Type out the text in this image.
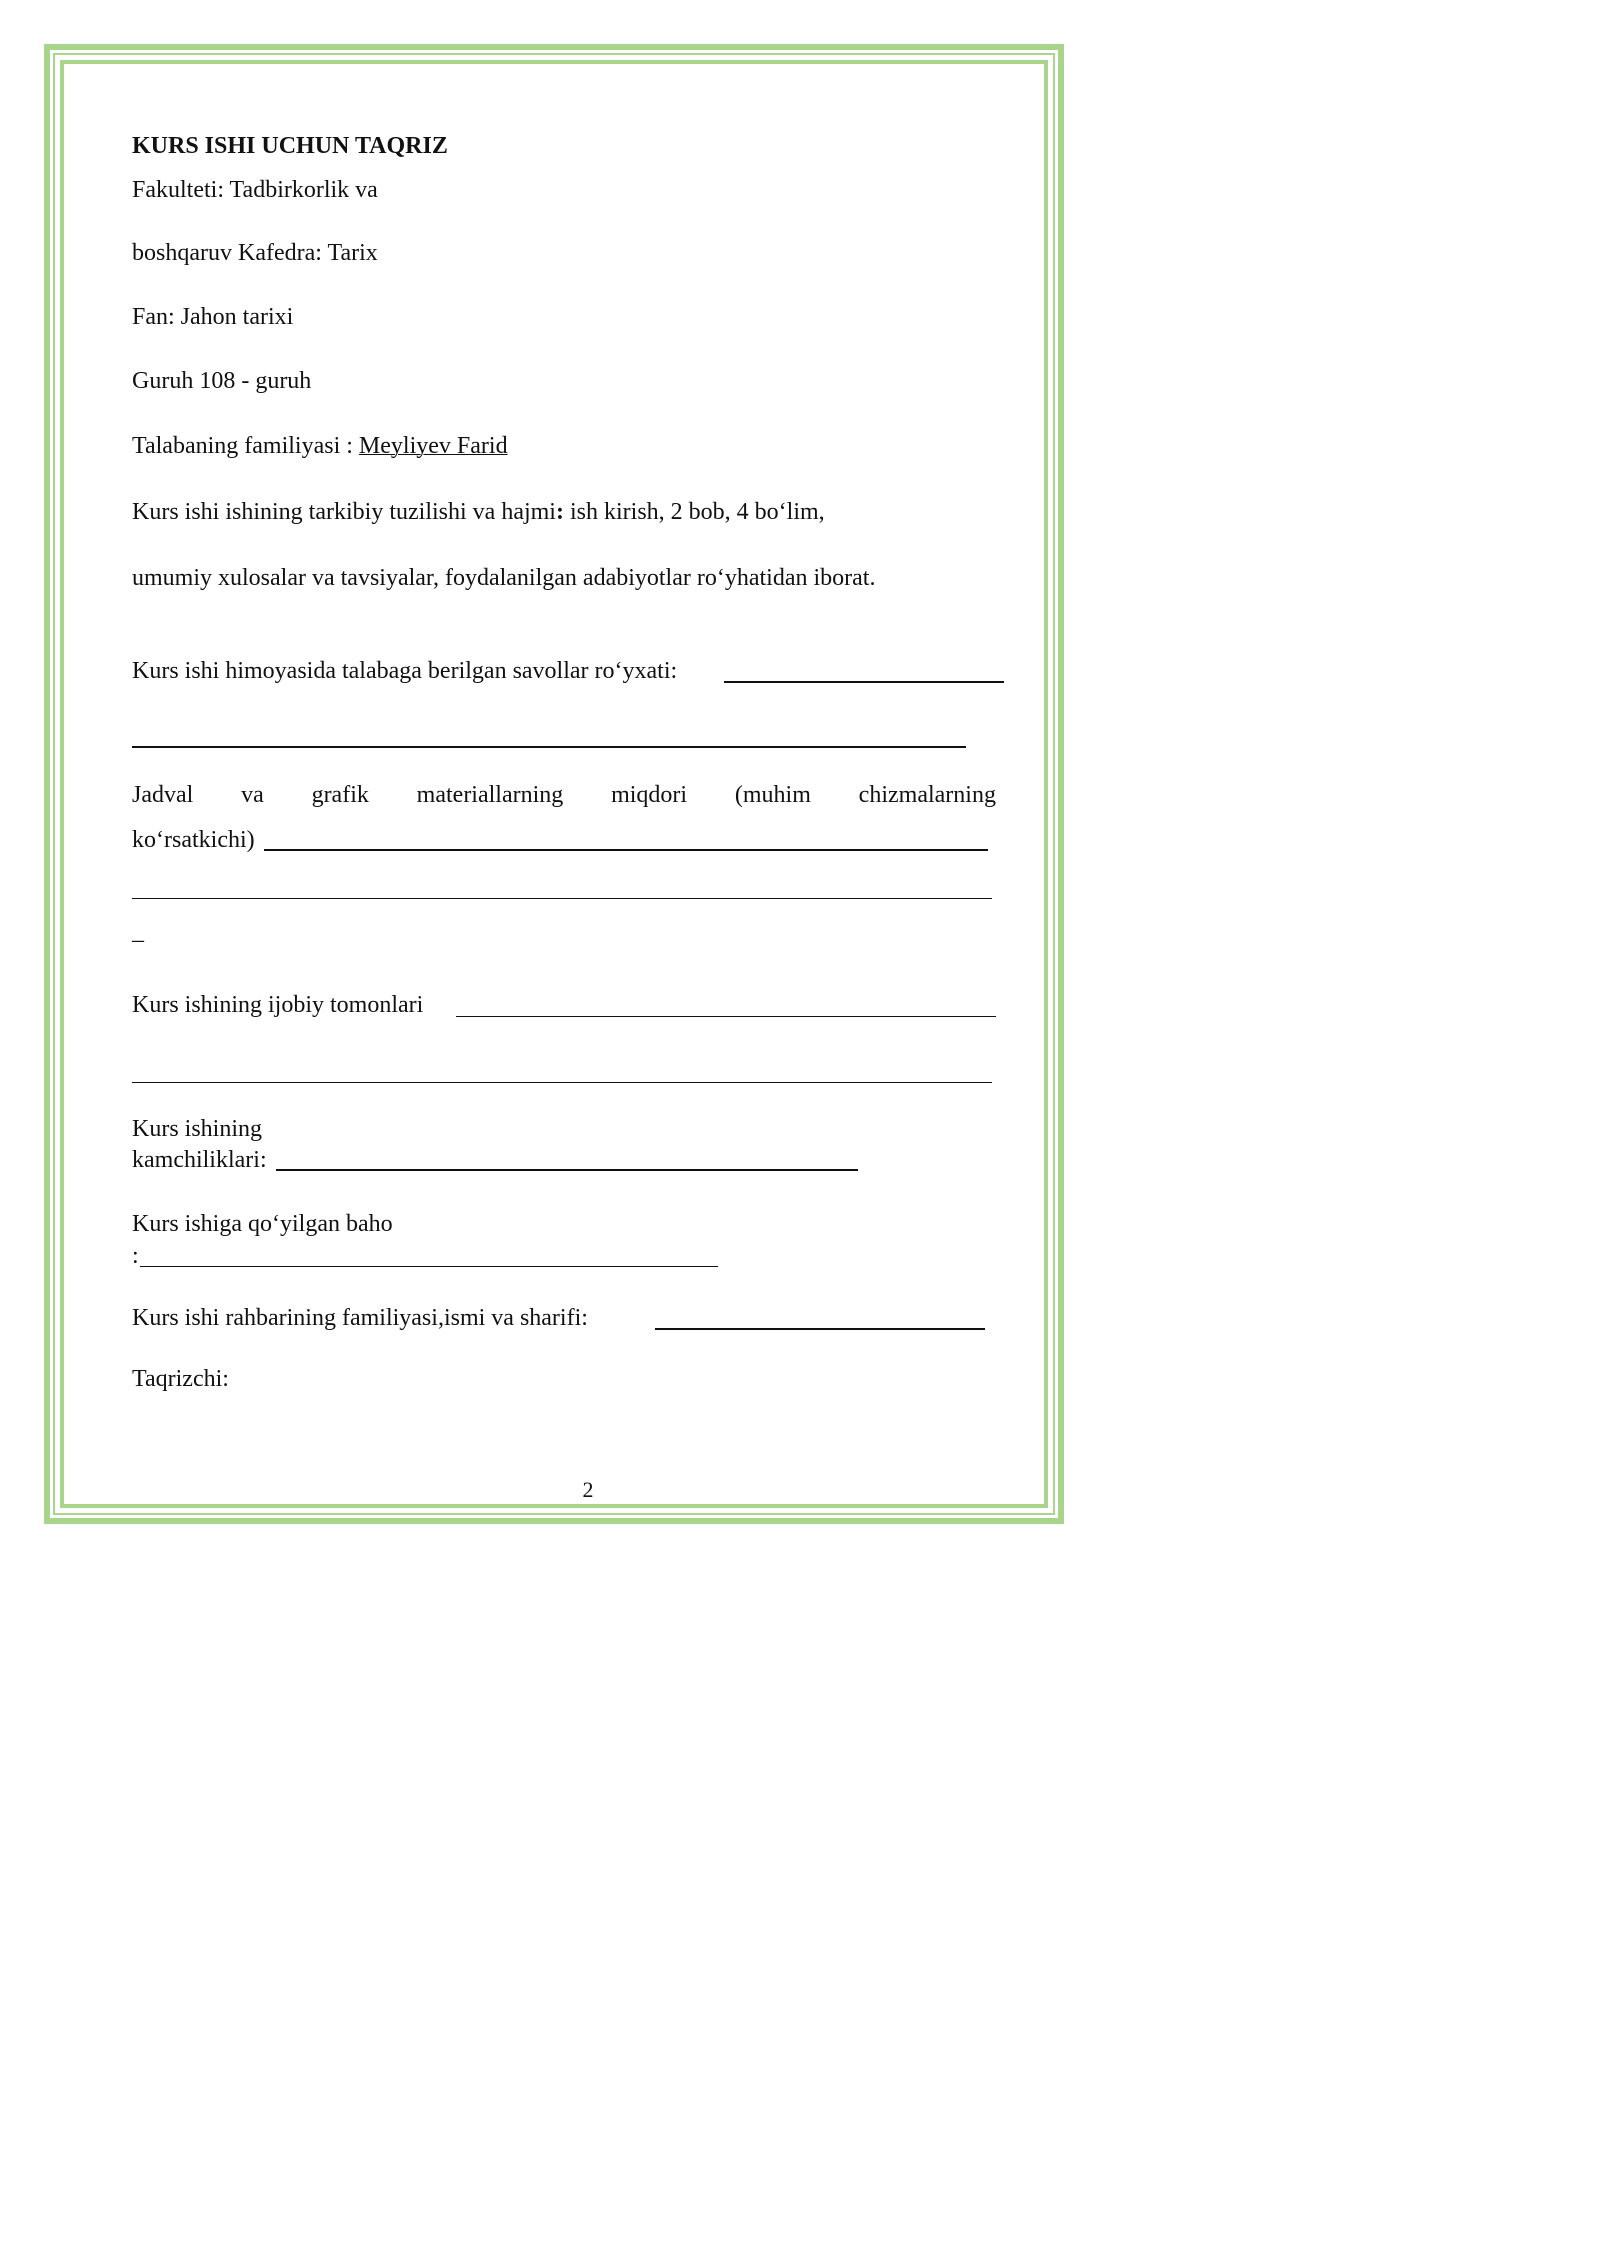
KURS ISHI UCHUN TAQRIZ
Fakulteti: Tadbirkorlik va
boshqaruv Kafedra: Tarix
Fan: Jahon tarixi
Guruh 108 - guruh
Talabaning familiyasi : Meyliyev Farid
Kurs ishi ishining tarkibiy tuzilishi va hajmi: ish kirish, 2 bob, 4 bo‘lim,
umumiy xulosalar va tavsiyalar, foydalanilgan adabiyotlar ro‘yhatidan iborat.
Kurs ishi himoyasida talabaga berilgan savollar ro‘yxati:
Jadval va grafik materiallarning miqdori (muhim chizmalarning
ko‘rsatkichi)
_
Kurs ishining ijobiy tomonlari
Kurs ishining
kamchiliklari:
Kurs ishiga qo‘yilgan baho
:
Kurs ishi rahbarining familiyasi,ismi va sharifi:
Taqrizchi:
2
